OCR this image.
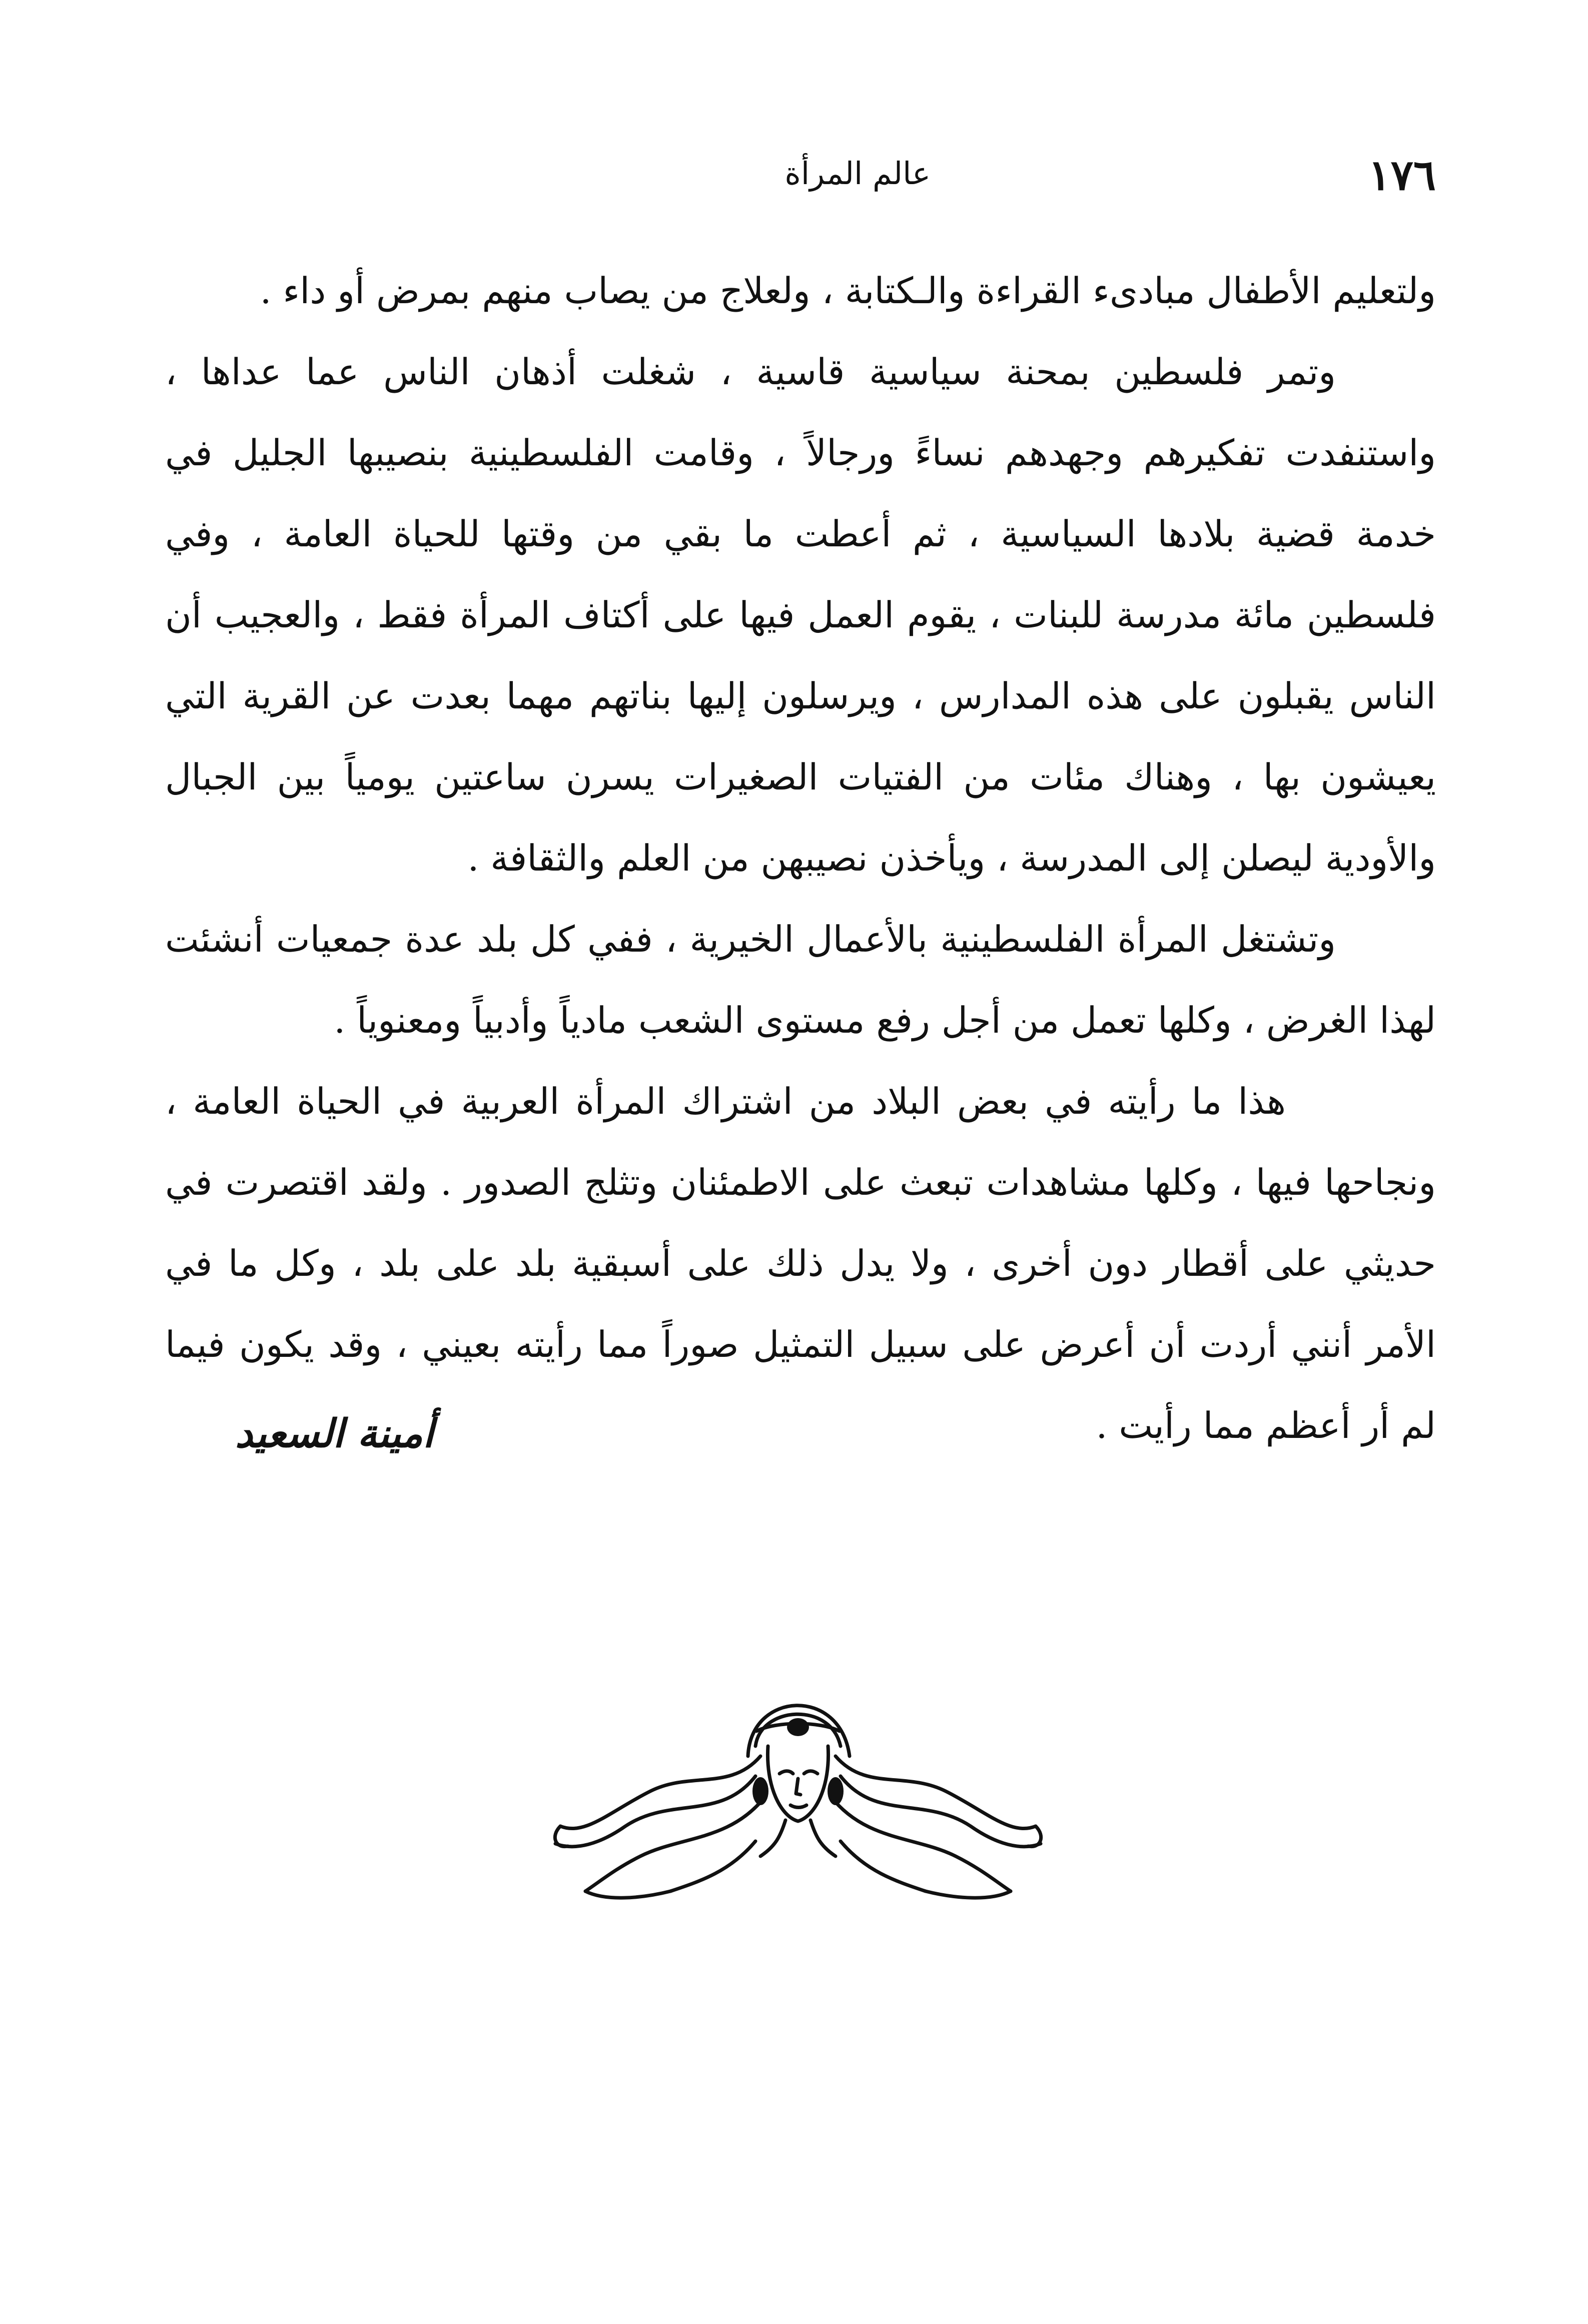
١٧٦
عالم المرأة

ولتعليم الأطفال مبادىء القراءة والـكتابة ، ولعلاج من يصاب منهم بمرض أو داء .

وتمر فلسطين بمحنة سياسية قاسية ، شغلت أذهان الناس عما عداها ، واستنفدت تفكيرهم وجهدهم نساءً ورجالاً ، وقامت الفلسطينية بنصيبها الجليل في خدمة قضية بلادها السياسية ، ثم أعطت ما بقي من وقتها للحياة العامة ، وفي فلسطين مائة مدرسة للبنات ، يقوم العمل فيها على أكتاف المرأة فقط ، والعجيب أن الناس يقبلون على هذه المدارس ، ويرسلون إليها بناتهم مهما بعدت عن القرية التي يعيشون بها ، وهناك مئات من الفتيات الصغيرات يسرن ساعتين يومياً بين الجبال والأودية ليصلن إلى المدرسة ، ويأخذن نصيبهن من العلم والثقافة .

وتشتغل المرأة الفلسطينية بالأعمال الخيرية ، ففي كل بلد عدة جمعيات أنشئت لهذا الغرض ، وكلها تعمل من أجل رفع مستوى الشعب مادياً وأدبياً ومعنوياً .

هذا ما رأيته في بعض البلاد من اشتراك المرأة العربية في الحياة العامة ، ونجاحها فيها ، وكلها مشاهدات تبعث على الاطمئنان وتثلج الصدور . ولقد اقتصرت في حديثي على أقطار دون أخرى ، ولا يدل ذلك على أسبقية بلد على بلد ، وكل ما في الأمر أنني أردت أن أعرض على سبيل التمثيل صوراً مما رأيته بعيني ، وقد يكون فيما لم أر أعظم مما رأيت .

أمينة السعيد
